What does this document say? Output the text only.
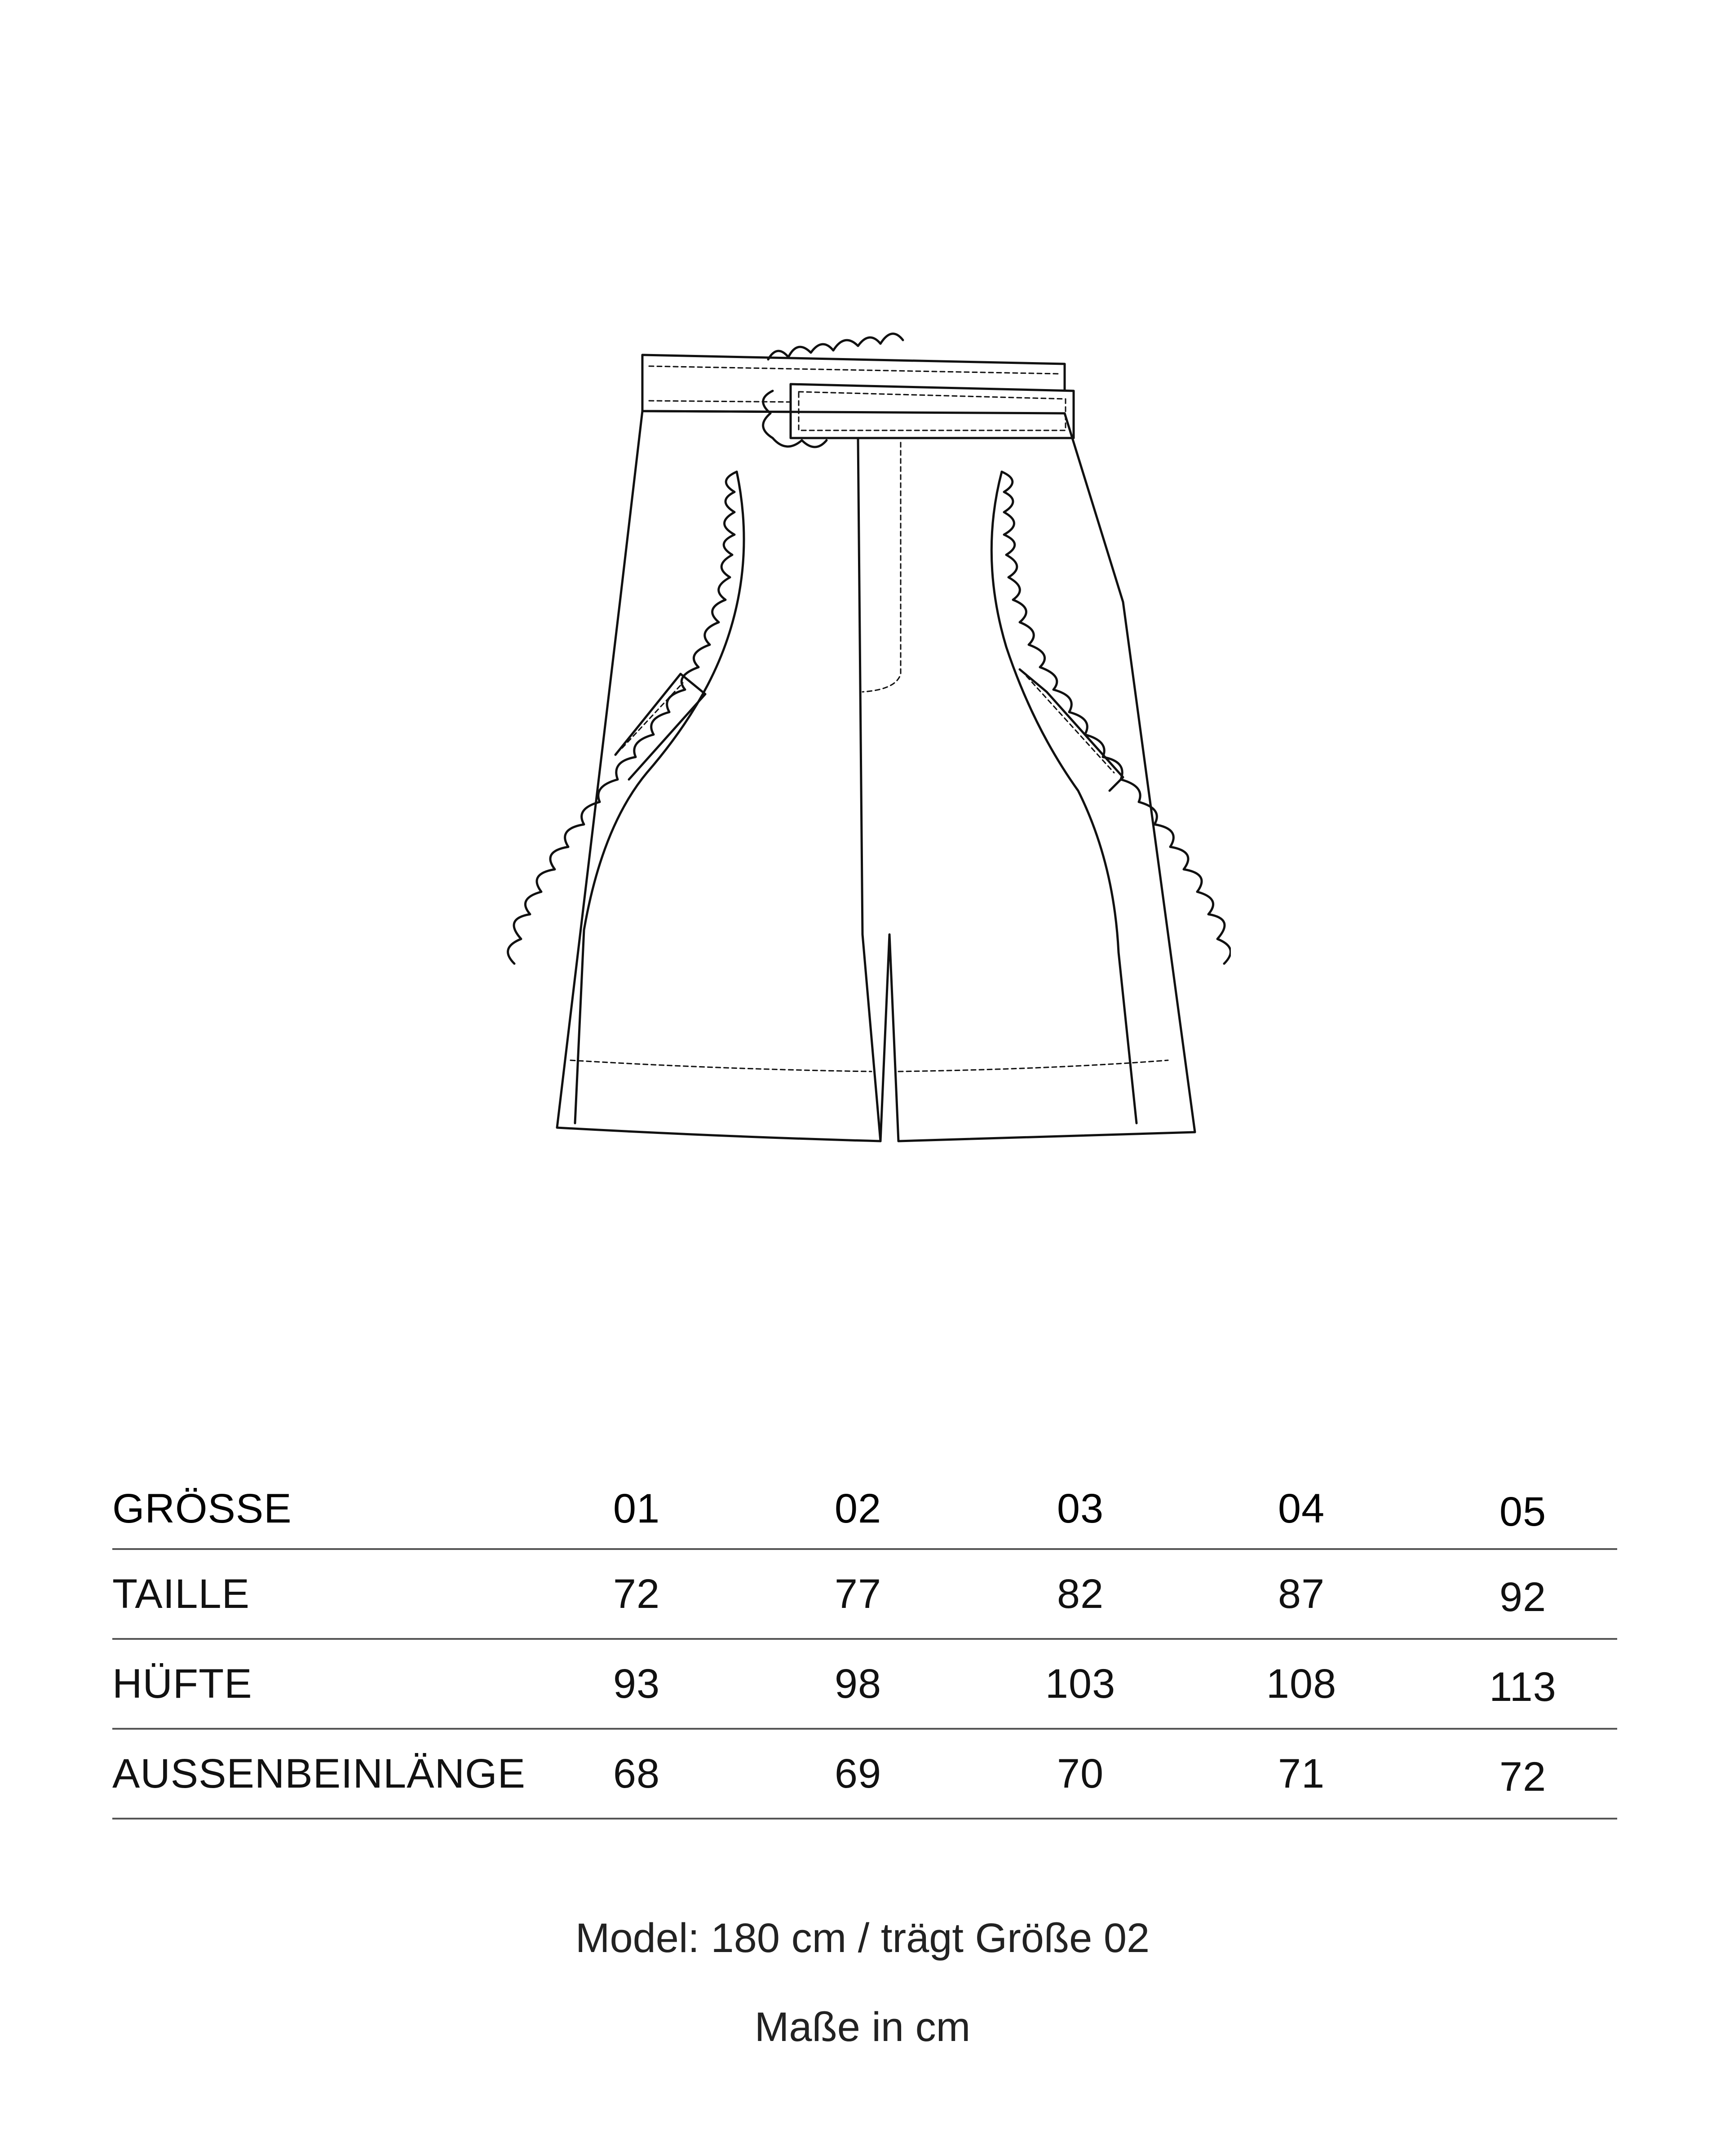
GRÖSSE	01	02	03	04	05
TAILLE	72	77	82	87	92
HÜFTE	93	98	103	108	113
AUSSENBEINLÄNGE	68	69	70	71	72
Model: 180 cm / trägt Größe 02
Maße in cm
